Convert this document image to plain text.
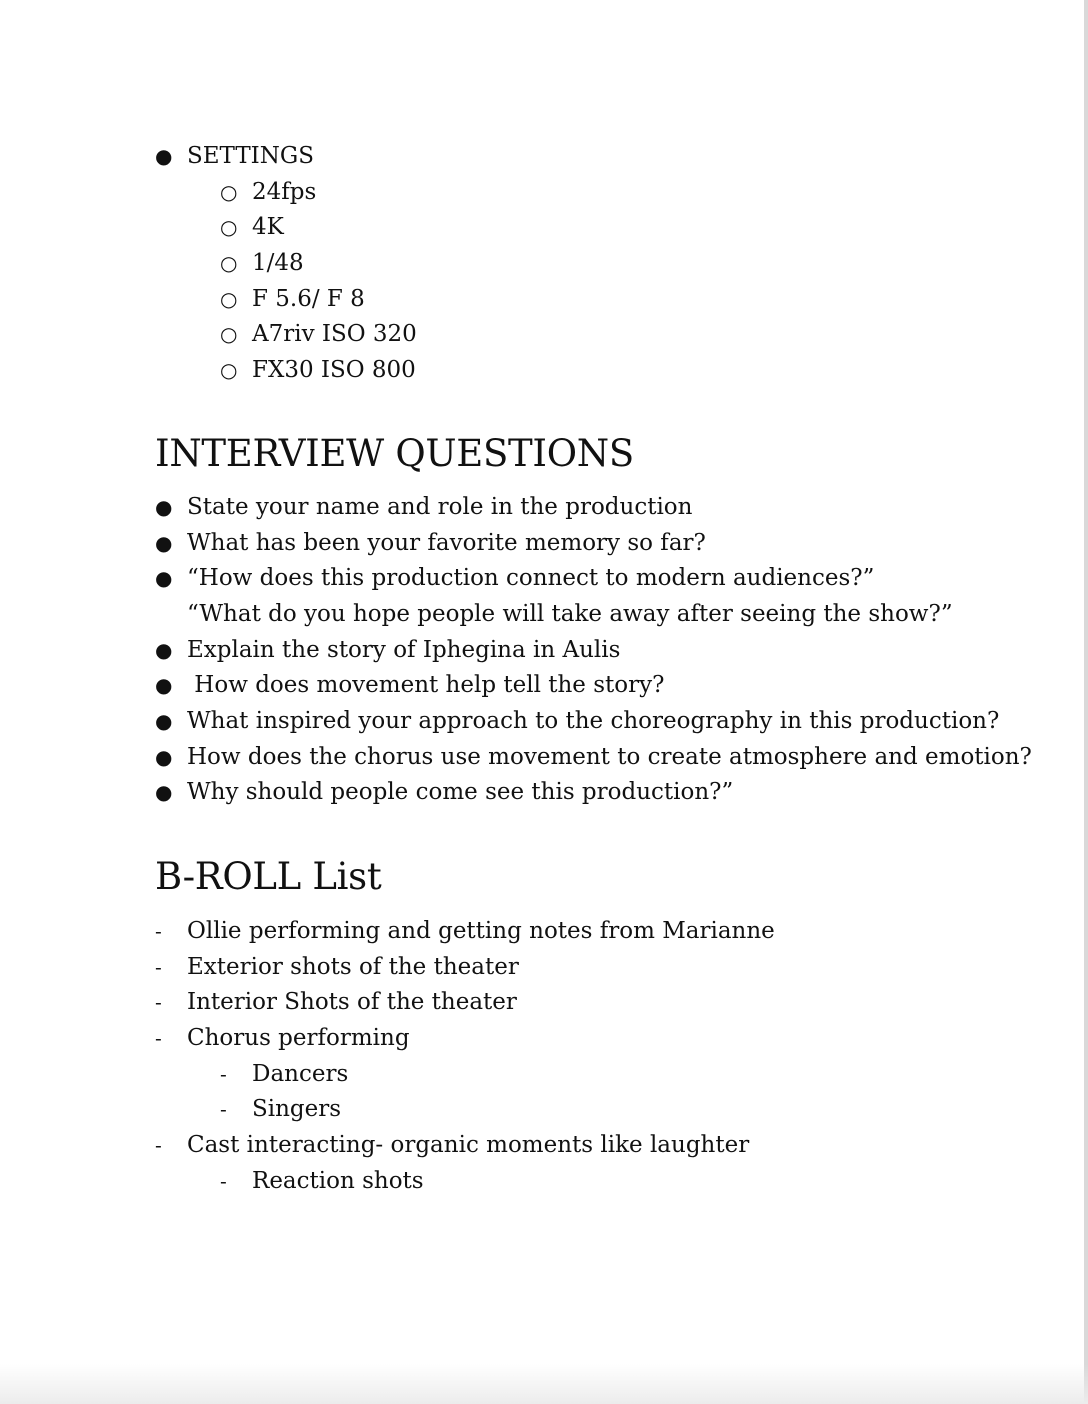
● SETTINGS
○ 24fps
○ 4K
○ 1/48
○ F 5.6/ F 8
○ A7riv ISO 320
○ FX30 ISO 800
INTERVIEW QUESTIONS
● State your name and role in the production
● What has been your favorite memory so far?
● “How does this production connect to modern audiences?”
“What do you hope people will take away after seeing the show?”
● Explain the story of Iphegina in Aulis
● How does movement help tell the story?
● What inspired your approach to the choreography in this production?
● How does the chorus use movement to create atmosphere and emotion?
● Why should people come see this production?”
B-ROLL List
-	Ollie performing and getting notes from Marianne
-	Exterior shots of the theater
-	Interior Shots of the theater
-	Chorus performing
-	Dancers
-	Singers
-	Cast interacting- organic moments like laughter
-	Reaction shots
